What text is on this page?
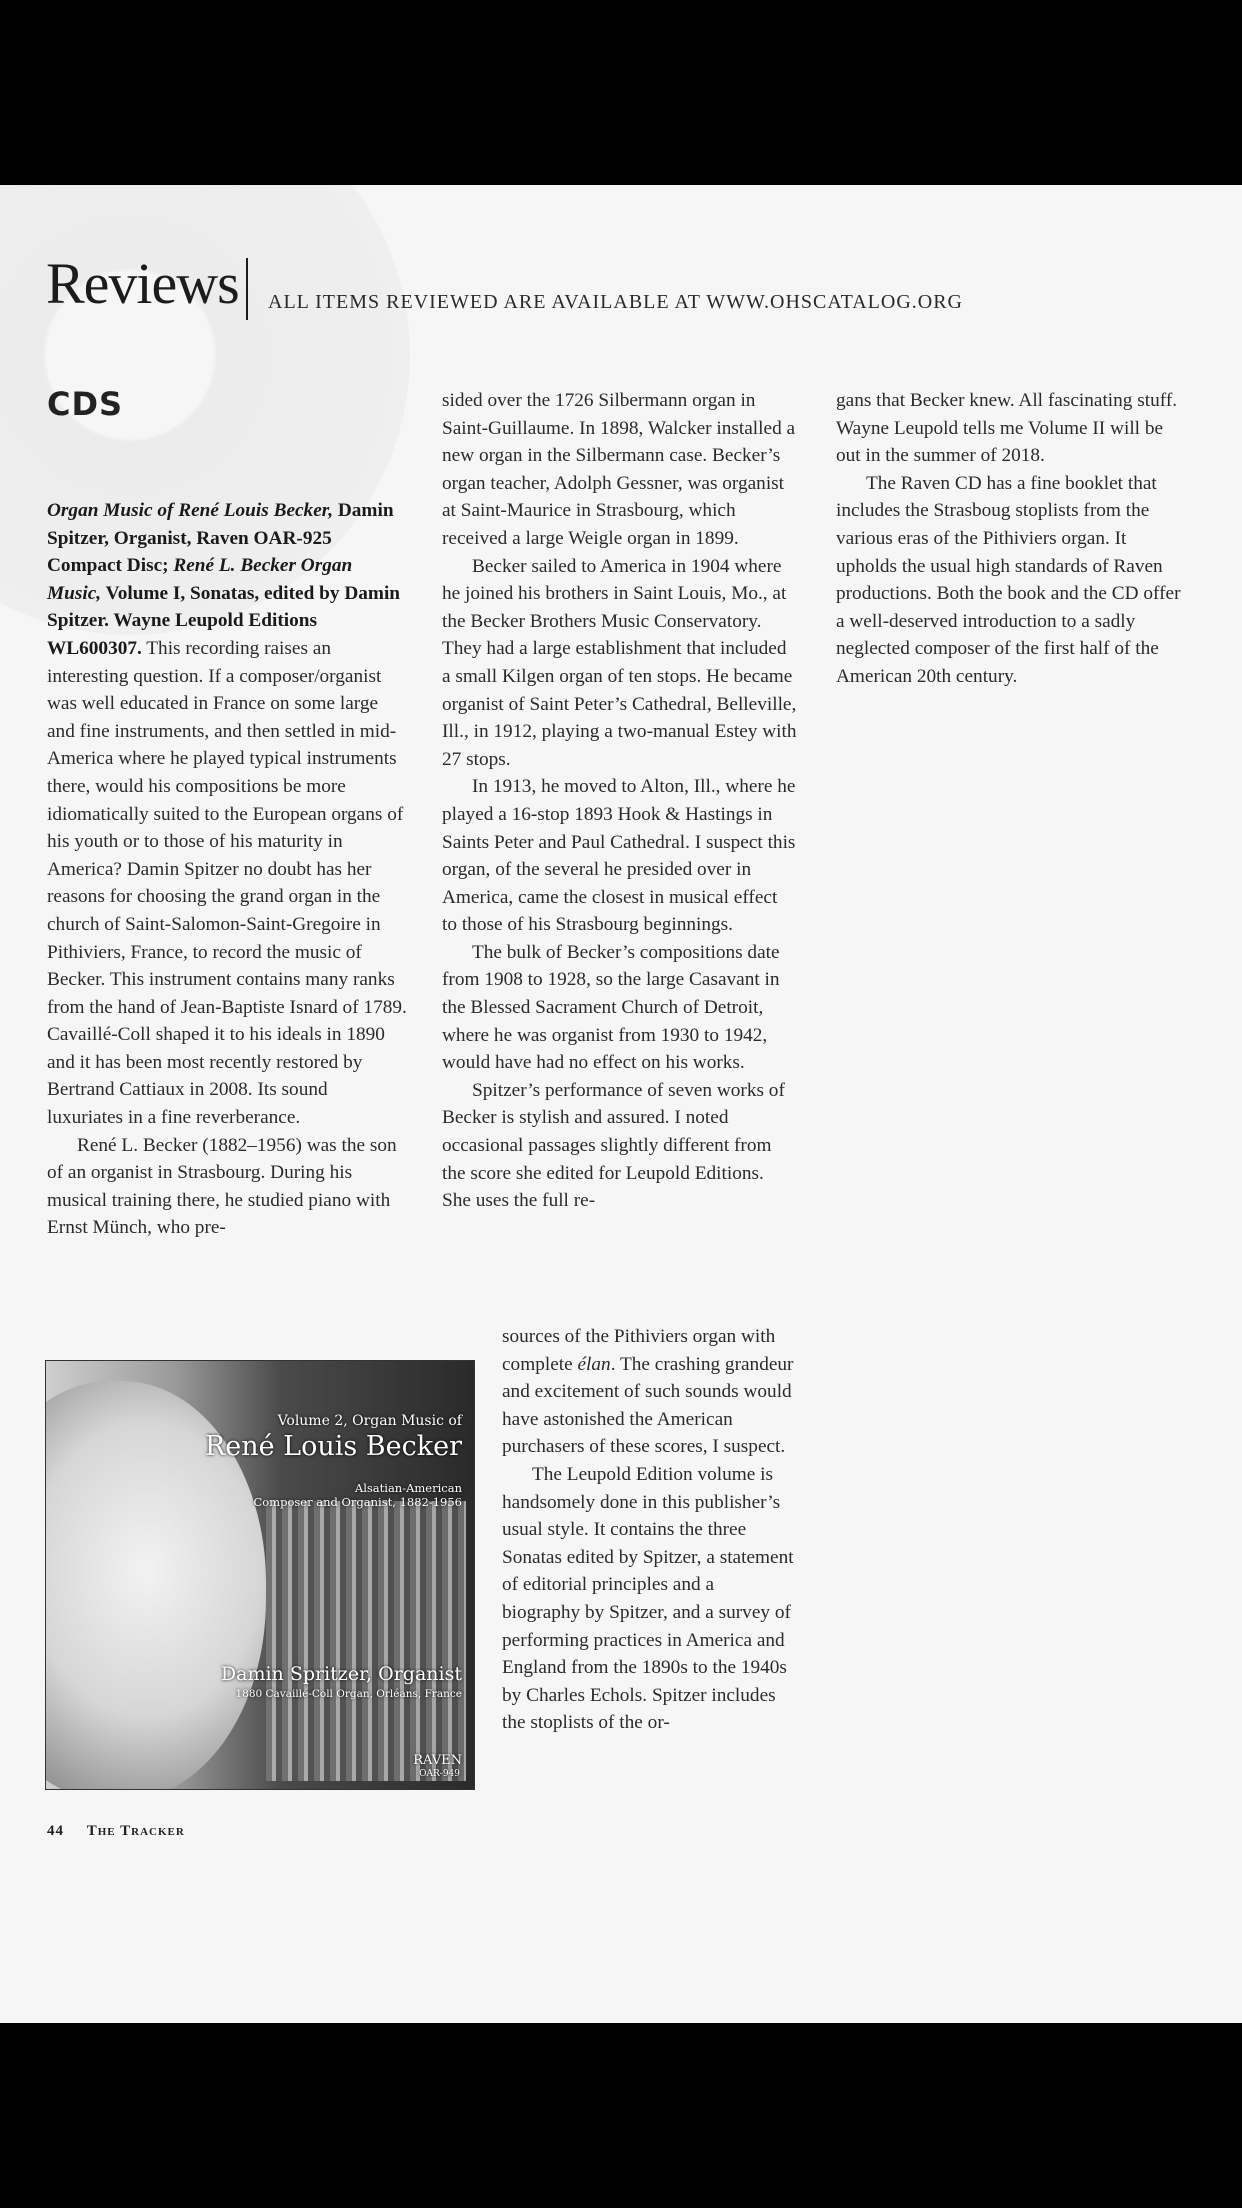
Reviews ALL ITEMS REVIEWED ARE AVAILABLE AT WWW.OHSCATALOG.ORG
CDS

Organ Music of René Louis Becker, Damin Spitzer, Organist, Raven OAR-925 Compact Disc; René L. Becker Organ Music, Volume I, Sonatas, edited by Damin Spitzer. Wayne Leupold Editions WL600307. This recording raises an interesting question. If a composer/organist was well educated in France on some large and fine instruments, and then settled in mid-America where he played typical instruments there, would his compositions be more idiomatically suited to the European organs of his youth or to those of his maturity in America? Damin Spitzer no doubt has her reasons for choosing the grand organ in the church of Saint-Salomon-Saint-Gregoire in Pithiviers, France, to record the music of Becker. This instrument contains many ranks from the hand of Jean-Baptiste Isnard of 1789. Cavaillé-Coll shaped it to his ideals in 1890 and it has been most recently restored by Bertrand Cattiaux in 2008. Its sound luxuriates in a fine reverberance.

René L. Becker (1882–1956) was the son of an organist in Strasbourg. During his musical training there, he studied piano with Ernst Münch, who pre-

sided over the 1726 Silbermann organ in Saint-Guillaume. In 1898, Walcker installed a new organ in the Silbermann case. Becker’s organ teacher, Adolph Gessner, was organist at Saint-Maurice in Strasbourg, which received a large Weigle organ in 1899.

Becker sailed to America in 1904 where he joined his brothers in Saint Louis, Mo., at the Becker Brothers Music Conservatory. They had a large establishment that included a small Kilgen organ of ten stops. He became organist of Saint Peter’s Cathedral, Belleville, Ill., in 1912, playing a two-manual Estey with 27 stops.

In 1913, he moved to Alton, Ill., where he played a 16-stop 1893 Hook & Hastings in Saints Peter and Paul Cathedral. I suspect this organ, of the several he presided over in America, came the closest in musical effect to those of his Strasbourg beginnings.

The bulk of Becker’s compositions date from 1908 to 1928, so the large Casavant in the Blessed Sacrament Church of Detroit, where he was organist from 1930 to 1942, would have had no effect on his works.

Spitzer’s performance of seven works of Becker is stylish and assured. I noted occasional passages slightly different from the score she edited for Leupold Editions. She uses the full re-

sources of the Pithiviers organ with complete élan. The crashing grandeur and excitement of such sounds would have astonished the American purchasers of these scores, I suspect.

The Leupold Edition volume is handsomely done in this publisher’s usual style. It contains the three Sonatas edited by Spitzer, a statement of editorial principles and a biography by Spitzer, and a survey of performing practices in America and England from the 1890s to the 1940s by Charles Echols. Spitzer includes the stoplists of the or-

gans that Becker knew. All fascinating stuff. Wayne Leupold tells me Volume II will be out in the summer of 2018.

The Raven CD has a fine booklet that includes the Strasboug stoplists from the various eras of the Pithiviers organ. It upholds the usual high standards of Raven productions. Both the book and the CD offer a well-deserved introduction to a sadly neglected composer of the first half of the American 20th century.

Volume 2, Organ Music of
René Louis Becker
Alsatian-American
Composer and Organist, 1882-1956
Damin Spritzer, Organist
1880 Cavaillé-Coll Organ, Orléans, France
RAVEN
OAR-949
44 The Tracker
